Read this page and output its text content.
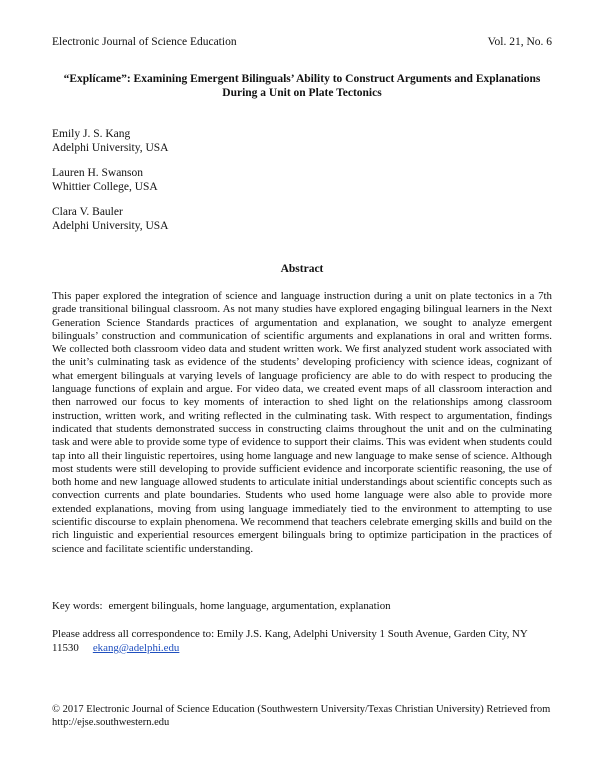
Electronic Journal of Science Education	Vol. 21, No. 6
“Explícame”: Examining Emergent Bilinguals’ Ability to Construct Arguments and Explanations
During a Unit on Plate Tectonics
Emily J. S. Kang
Adelphi University, USA
Lauren H. Swanson
Whittier College, USA
Clara V. Bauler
Adelphi University, USA
Abstract

This paper explored the integration of science and language instruction during a unit on plate tectonics in a 7th grade transitional bilingual classroom. As not many studies have explored engaging bilingual learners in the Next Generation Science Standards practices of argumentation and explanation, we sought to analyze emergent bilinguals’ construction and communication of scientific arguments and explanations in oral and written forms. We collected both classroom video data and student written work. We first analyzed student work associated with the unit’s culminating task as evidence of the students’ developing proficiency with science ideas, cognizant of what emergent bilinguals at varying levels of language proficiency are able to do with respect to producing the language functions of explain and argue. For video data, we created event maps of all classroom interaction and then narrowed our focus to key moments of interaction to shed light on the relationships among classroom instruction, written work, and writing reflected in the culminating task. With respect to argumentation, findings indicated that students demonstrated success in constructing claims throughout the unit and on the culminating task and were able to provide some type of evidence to support their claims. This was evident when students could tap into all their linguistic repertoires, using home language and new language to make sense of science. Although most students were still developing to provide sufficient evidence and incorporate scientific reasoning, the use of both home and new language allowed students to articulate initial understandings about scientific concepts such as convection currents and plate boundaries. Students who used home language were also able to provide more extended explanations, moving from using language immediately tied to the environment to attempting to use scientific discourse to explain phenomena. We recommend that teachers celebrate emerging skills and build on the rich linguistic and experiential resources emergent bilinguals bring to optimize participation in the practices of science and facilitate scientific understanding.

Key words: emergent bilinguals, home language, argumentation, explanation
Please address all correspondence to: Emily J.S. Kang, Adelphi University 1 South Avenue, Garden City, NY 11530 ekang@adelphi.edu
© 2017 Electronic Journal of Science Education (Southwestern University/Texas Christian University) Retrieved from http://ejse.southwestern.edu
